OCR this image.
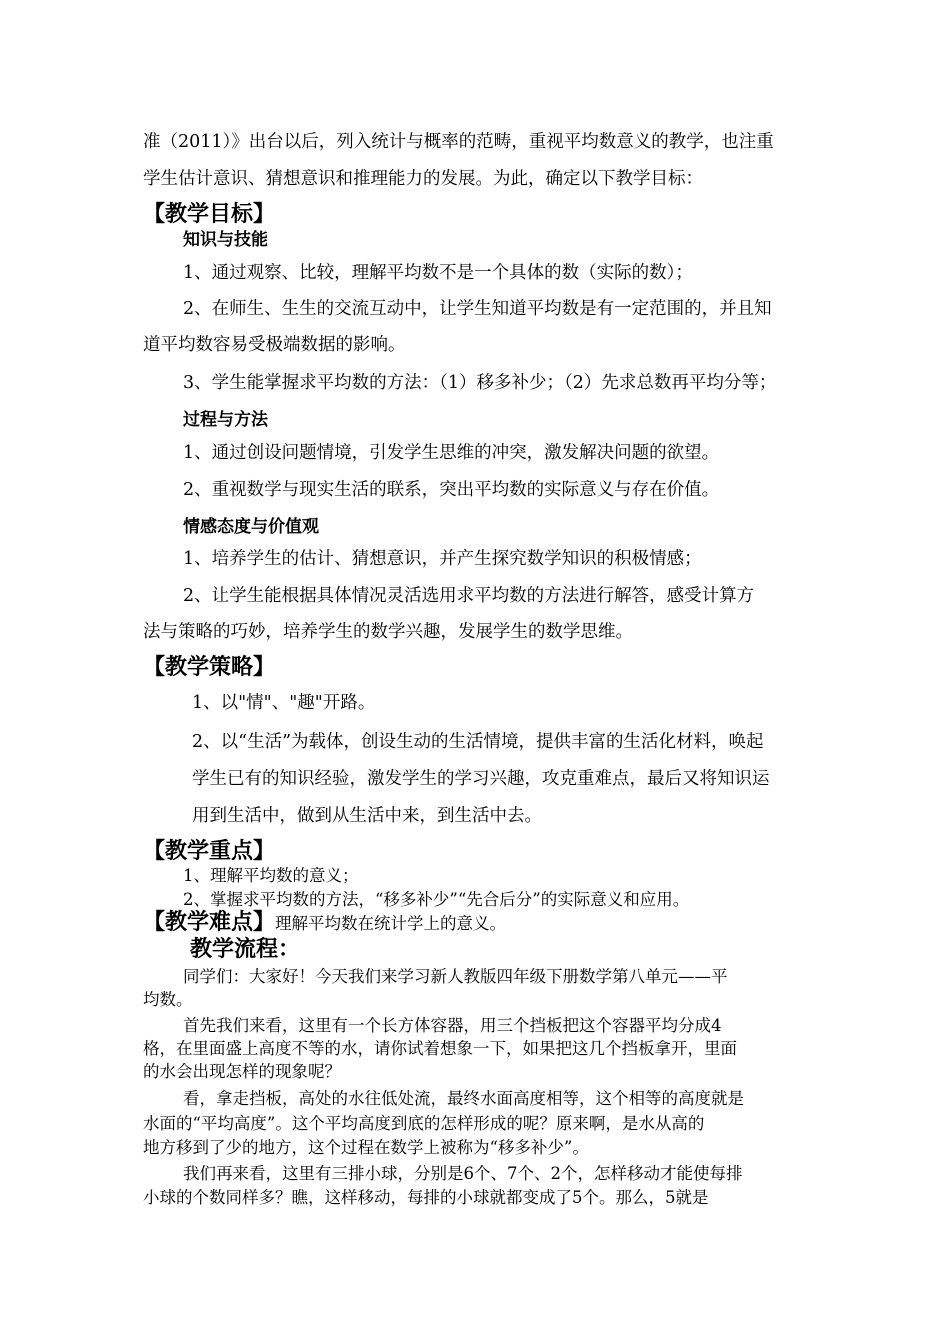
准（2011）》出台以后，列入统计与概率的范畴，重视平均数意义的教学，也注重
学生估计意识、猜想意识和推理能力的发展。为此，确定以下教学目标：
【教学目标】
知识与技能
1、通过观察、比较，理解平均数不是一个具体的数（实际的数）；
2、在师生、生生的交流互动中，让学生知道平均数是有一定范围的，并且知
道平均数容易受极端数据的影响。
3、学生能掌握求平均数的方法：（1）移多补少；（2）先求总数再平均分等；
过程与方法
1、通过创设问题情境，引发学生思维的冲突，激发解决问题的欲望。
2、重视数学与现实生活的联系，突出平均数的实际意义与存在价值。
情感态度与价值观
1、培养学生的估计、猜想意识，并产生探究数学知识的积极情感；
2、让学生能根据具体情况灵活选用求平均数的方法进行解答，感受计算方
法与策略的巧妙，培养学生的数学兴趣，发展学生的数学思维。
【教学策略】
1、以"情"、"趣"开路。
2、以“生活”为载体，创设生动的生活情境，提供丰富的生活化材料，唤起
学生已有的知识经验，激发学生的学习兴趣，攻克重难点，最后又将知识运
用到生活中，做到从生活中来，到生活中去。
【教学重点】
1、理解平均数的意义；
2、掌握求平均数的方法，“移多补少”“先合后分”的实际意义和应用。
【教学难点】理解平均数在统计学上的意义。
教学流程：
同学们：大家好！今天我们来学习新人教版四年级下册数学第八单元——平
均数。
首先我们来看，这里有一个长方体容器，用三个挡板把这个容器平均分成4
格，在里面盛上高度不等的水，请你试着想象一下，如果把这几个挡板拿开，里面
的水会出现怎样的现象呢？
看，拿走挡板，高处的水往低处流，最终水面高度相等，这个相等的高度就是
水面的“平均高度”。这个平均高度到底的怎样形成的呢？原来啊，是水从高的
地方移到了少的地方，这个过程在数学上被称为“移多补少”。
我们再来看，这里有三排小球，分别是6个、7个、2个，怎样移动才能使每排
小球的个数同样多？瞧，这样移动，每排的小球就都变成了5个。那么，5就是
